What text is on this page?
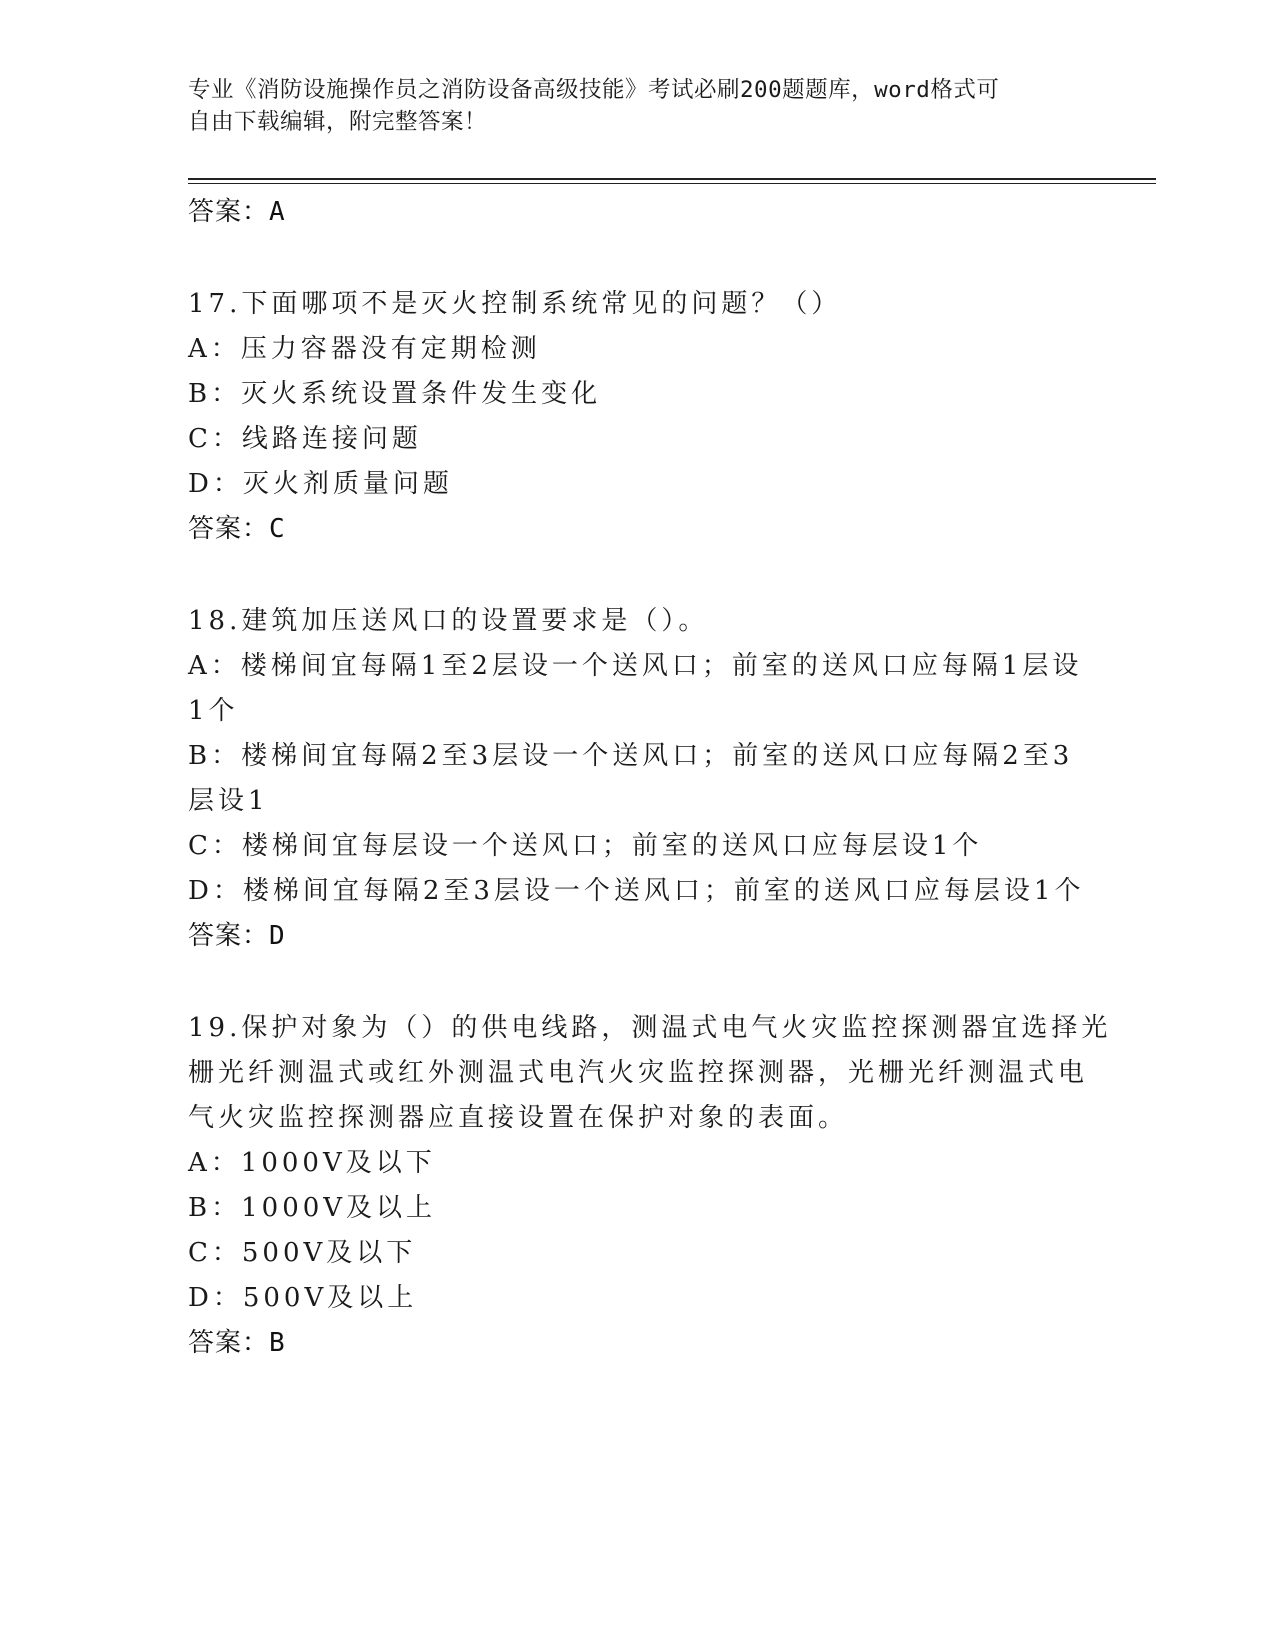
专业《消防设施操作员之消防设备高级技能》考试必刷200题题库，word格式可
自由下载编辑，附完整答案！
答案：A
17.下面哪项不是灭火控制系统常见的问题？（）
A：压力容器没有定期检测
B：灭火系统设置条件发生变化
C：线路连接问题
D：灭火剂质量问题
答案：C
18.建筑加压送风口的设置要求是（）。
A：楼梯间宜每隔1至2层设一个送风口；前室的送风口应每隔1层设
1个
B：楼梯间宜每隔2至3层设一个送风口；前室的送风口应每隔2至3
层设1
C：楼梯间宜每层设一个送风口；前室的送风口应每层设1个
D：楼梯间宜每隔2至3层设一个送风口；前室的送风口应每层设1个
答案：D
19.保护对象为（）的供电线路，测温式电气火灾监控探测器宜选择光
栅光纤测温式或红外测温式电汽火灾监控探测器，光栅光纤测温式电
气火灾监控探测器应直接设置在保护对象的表面。
A：1000V及以下
B：1000V及以上
C：500V及以下
D：500V及以上
答案：B
